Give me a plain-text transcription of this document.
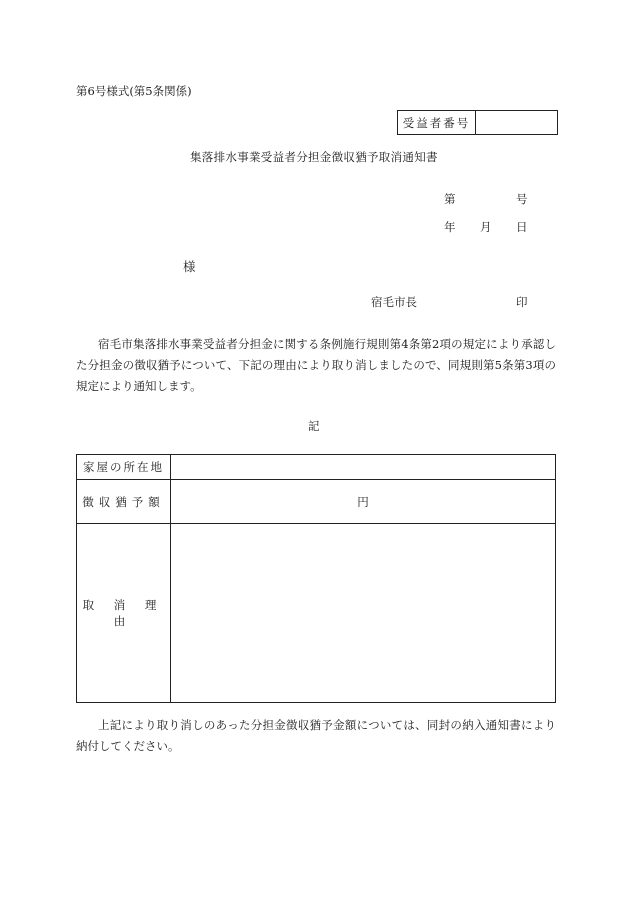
第6号様式(第5条関係)
受益者番号
集落排水事業受益者分担金徴収猶予取消通知書
第	号
年 月 日
様
宿毛市長	印
宿毛市集落排水事業受益者分担金に関する条例施行規則第4条第2項の規定により承認した分担金の徴収猶予について、下記の理由により取り消しましたので、同規則第5条第3項の規定により通知します。
記
家屋の所在地	
徴収猶予額	円
取 消 理 由	
上記により取り消しのあった分担金徴収猶予金額については、同封の納入通知書により納付してください。
